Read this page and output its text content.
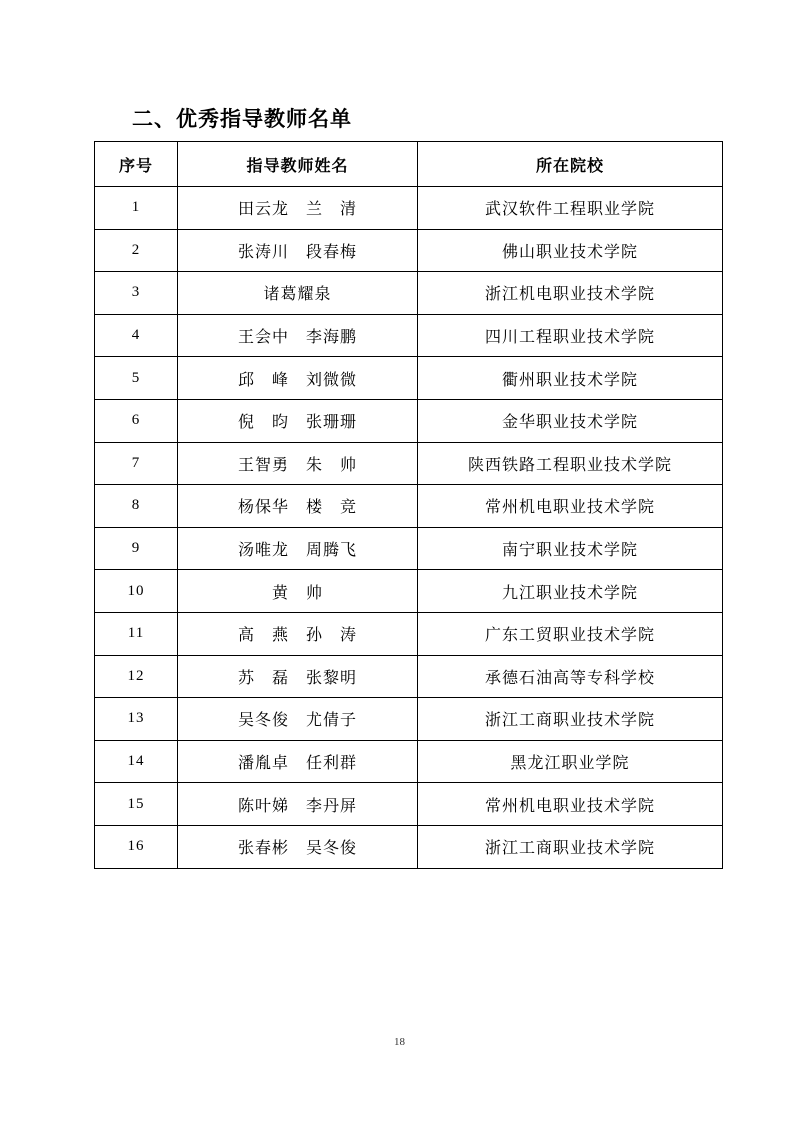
二、优秀指导教师名单
序号	指导教师姓名	所在院校
1	田云龙　兰　清	武汉软件工程职业学院
2	张涛川　段春梅	佛山职业技术学院
3	诸葛耀泉	浙江机电职业技术学院
4	王会中　李海鹏	四川工程职业技术学院
5	邱　峰　刘微微	衢州职业技术学院
6	倪　昀　张珊珊	金华职业技术学院
7	王智勇　朱　帅	陕西铁路工程职业技术学院
8	杨保华　楼　竞	常州机电职业技术学院
9	汤唯龙　周腾飞	南宁职业技术学院
10	黄　帅	九江职业技术学院
11	高　燕　孙　涛	广东工贸职业技术学院
12	苏　磊　张黎明	承德石油高等专科学校
13	吴冬俊　尤倩子	浙江工商职业技术学院
14	潘胤卓　任利群	黑龙江职业学院
15	陈叶娣　李丹屏	常州机电职业技术学院
16	张春彬　吴冬俊	浙江工商职业技术学院
18
